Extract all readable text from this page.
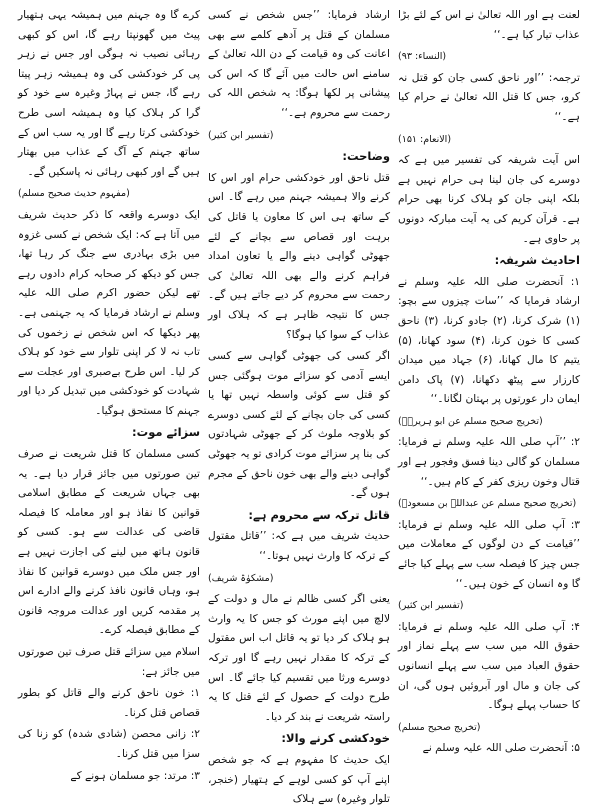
لعنت ہے اور اللہ تعالیٰ نے اس کے لئے بڑا عذاب تیار کیا ہے۔‘‘

(النساء: ۹۳)

ترجمہ: ’’اور ناحق کسی جان کو قتل نہ کرو، جس کا قتل اللہ تعالیٰ نے حرام کیا ہے۔‘‘

(الانعام: ۱۵۱)

اس آیت شریفہ کی تفسیر میں ہے کہ دوسرے کی جان لینا ہی حرام نہیں ہے بلکہ اپنی جان کو ہلاک کرنا بھی حرام ہے۔ قرآن کریم کی یہ آیت مبارکہ دونوں پر حاوی ہے۔

احادیث شریفہ:

۱: آنحضرت صلی اللہ علیہ وسلم نے ارشاد فرمایا کہ ’’سات چیزوں سے بچو: (۱) شرک کرنا، (۲) جادو کرنا، (۳) ناحق کسی کا خون کرنا، (۴) سود کھانا، (۵) یتیم کا مال کھانا، (۶) جہاد میں میدان کارزار سے پیٹھ دکھانا، (۷) پاک دامن ایمان دار عورتوں پر بہتان لگانا۔‘‘

(تخریج صحیح مسلم عن ابو ہریرہؓ)

۲: ’’آپ صلی اللہ علیہ وسلم نے فرمایا: مسلمان کو گالی دینا فسق وفجور ہے اور قتال وخون ریزی کفر کے کام ہیں۔‘‘

(تخریج صحیح مسلم عن عبداللہ بن مسعودؓ)

۳: آپ صلی اللہ علیہ وسلم نے فرمایا: ’’قیامت کے دن لوگوں کے معاملات میں جس چیز کا فیصلہ سب سے پہلے کیا جائے گا وہ انسان کے خون ہیں۔‘‘

(تفسیر ابن کثیر)

۴: آپ صلی اللہ علیہ وسلم نے فرمایا: حقوق اللہ میں سب سے پہلے نماز اور حقوق العباد میں سب سے پہلے انسانوں کی جان و مال اور آبروئیں ہوں گی، ان کا حساب پہلے ہوگا۔

(تخریج صحیح مسلم)

۵: آنحضرت صلی اللہ علیہ وسلم نے

ارشاد فرمایا: ’’جس شخص نے کسی مسلمان کے قتل پر آدھے کلمے سے بھی اعانت کی وہ قیامت کے دن اللہ تعالیٰ کے سامنے اس حالت میں آئے گا کہ اس کی پیشانی پر لکھا ہوگا: یہ شخص اللہ کی رحمت سے محروم ہے۔‘‘

(تفسیر ابن کثیر)

وضاحت:

قتل ناحق اور خودکشی حرام اور اس کا کرنے والا ہمیشہ جہنم میں رہے گا۔ اس کے ساتھ ہی اس کا معاون یا قاتل کی برہت اور قصاص سے بچانے کے لئے جھوٹی گواہی دینے والے یا تعاون امداد فراہم کرنے والے بھی اللہ تعالیٰ کی رحمت سے محروم کر دیے جاتے ہیں گے۔ جس کا نتیجہ ظاہر ہے کہ ہلاک اور عذاب کے سوا کیا ہوگا؟

اگر کسی کی جھوٹی گواہی سے کسی ایسے آدمی کو سزائے موت ہوگئی جس کو قتل سے کوئی واسطہ نہیں تھا یا کسی کی جان بچانے کے لئے کسی دوسرے کو بلاوجہ ملوث کر کے جھوٹی شہادتوں کی بنا پر سزائے موت کرادی تو یہ جھوٹی گواہی دینے والے بھی خون ناحق کے مجرم ہوں گے۔

قاتل ترکہ سے محروم ہے:

حدیث شریف میں ہے کہ: ’’قاتل مقتول کے ترکہ کا وارث نہیں ہوتا۔‘‘

(مشکوٰۃ شریف)

یعنی اگر کسی ظالم نے مال و دولت کے لالچ میں اپنے مورث کو جس کا یہ وارث ہو ہلاک کر دیا تو یہ قاتل اب اس مقتول کے ترکہ کا مقدار نہیں رہے گا اور ترکہ دوسرے ورثا میں تقسیم کیا جائے گا۔ اس طرح دولت کے حصول کے لئے قتل کا یہ راستہ شریعت نے بند کر دیا۔

خودکشی کرنے والا:

ایک حدیث کا مفہوم ہے کہ جو شخص اپنے آپ کو کسی لوہے کے ہتھیار (خنجر، تلوار وغیرہ) سے ہلاک

کرے گا وہ جہنم میں ہمیشہ یہی ہتھیار پیٹ میں گھونپتا رہے گا، اس کو کبھی رہائی نصیب نہ ہوگی اور جس نے زہر پی کر خودکشی کی وہ ہمیشہ زہر پیتا رہے گا، جس نے پہاڑ وغیرہ سے خود کو گرا کر ہلاک کیا وہ ہمیشہ اسی طرح خودکشی کرتا رہے گا اور یہ سب اس کے ساتھ جہنم کے آگ کے عذاب میں بھتار ہیں گے اور کبھی رہائی نہ پاسکیں گے۔

(مفہوم حدیث صحیح مسلم)

ایک دوسرے واقعہ کا ذکر حدیث شریف میں آتا ہے کہ: ایک شخص نے کسی غزوہ میں بڑی بہادری سے جنگ کر رہا تھا، جس کو دیکھ کر صحابہ کرام دادوں رہے تھے لیکن حضور اکرم صلی اللہ علیہ وسلم نے ارشاد فرمایا کہ یہ جہنمی ہے۔ پھر دیکھا کہ اس شخص نے زخموں کی تاب نہ لا کر اپنی تلوار سے خود کو ہلاک کر لیا۔ اس طرح بےصبری اور عجلت سے شہادت کو خودکشی میں تبدیل کر دیا اور جہنم کا مستحق ہوگیا۔

سزائے موت:

کسی مسلمان کا قتل شریعت نے صرف تین صورتوں میں جائز قرار دیا ہے۔ یہ بھی جہاں شریعت کے مطابق اسلامی قوانین کا نفاذ ہو اور معاملہ کا فیصلہ قاضی کی عدالت سے ہو۔ کسی کو قانون ہاتھ میں لینے کی اجازت نہیں ہے اور جس ملک میں دوسرے قوانین کا نفاذ ہو، وہاں قانون نافذ کرنے والے ادارے اس پر مقدمہ کریں اور عدالت مروجہ قانون کے مطابق فیصلہ کرے۔

اسلام میں سزائے قتل صرف تین صورتوں میں جائز ہے:

۱: خون ناحق کرنے والے قاتل کو بطور قصاص قتل کرنا۔

۲: زانی محصن (شادی شدہ) کو زنا کی سزا میں قتل کرنا۔

۳: مرتد: جو مسلمان ہونے کے
